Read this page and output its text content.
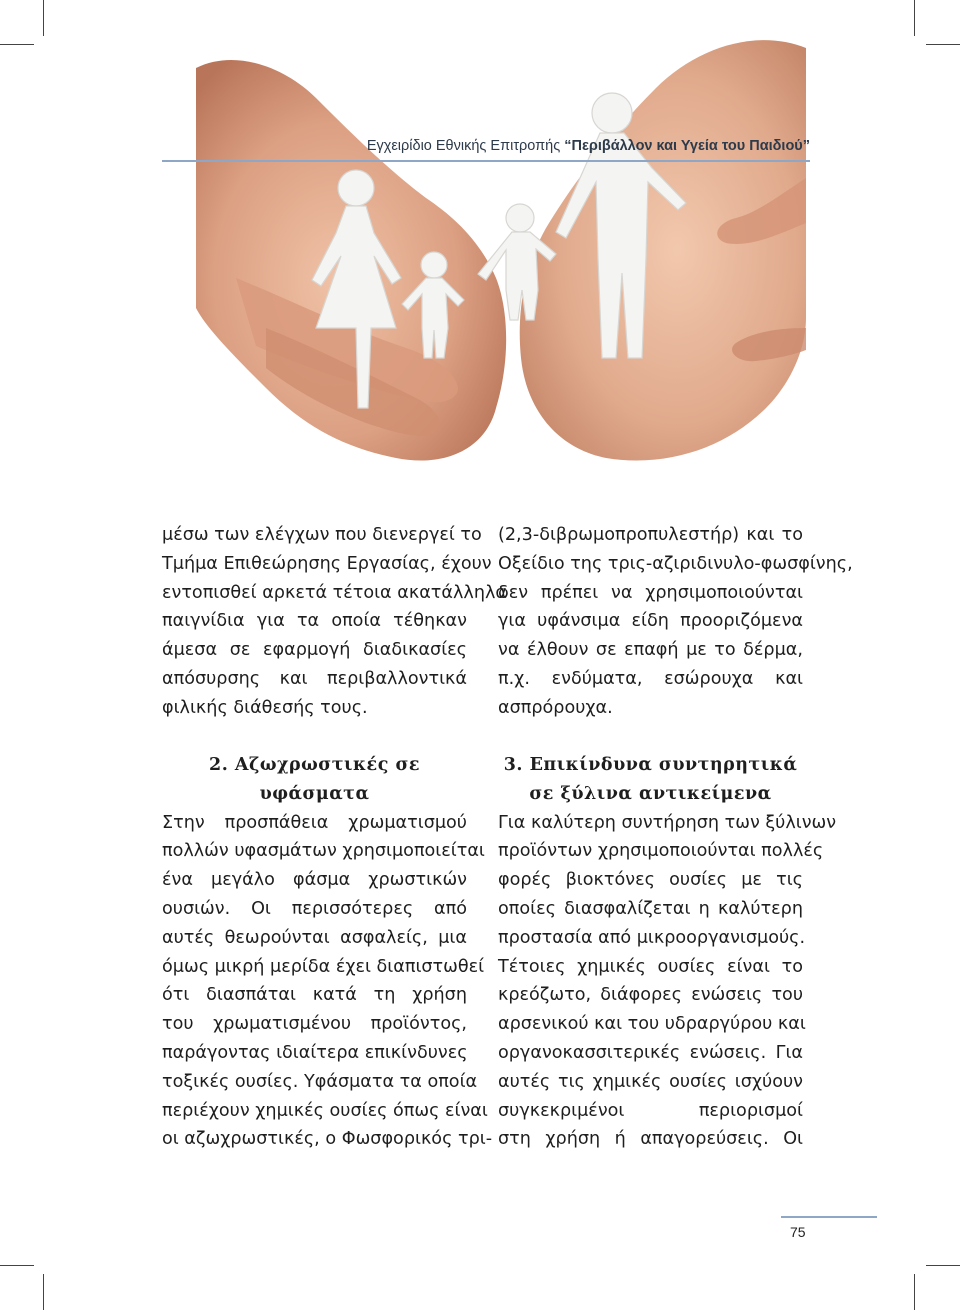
Εγχειρίδιο Εθνικής Επιτροπής “Περιβάλλον και Υγεία του Παιδιού”
μέσω των ελέγχων που διενεργεί το
Τμήμα Επιθεώρησης Εργασίας, έχουν
εντοπισθεί αρκετά τέτοια ακατάλληλα
παιγνίδια για τα οποία τέθηκαν
άμεσα σε εφαρμογή διαδικασίες
απόσυρσης και περιβαλλοντικά
φιλικής διάθεσής τους.
2. Αζωχρωστικές σε
υφάσματα
Στην προσπάθεια χρωματισμού
πολλών υφασμάτων χρησιμοποιείται
ένα μεγάλο φάσμα χρωστικών
ουσιών. Οι περισσότερες από
αυτές θεωρούνται ασφαλείς, μια
όμως μικρή μερίδα έχει διαπιστωθεί
ότι διασπάται κατά τη χρήση
του χρωματισμένου προϊόντος,
παράγοντας ιδιαίτερα επικίνδυνες
τοξικές ουσίες. Υφάσματα τα οποία
περιέχουν χημικές ουσίες όπως είναι
οι αζωχρωστικές, ο Φωσφορικός τρι-
(2,3-διβρωμοπροπυλεστήρ) και το
Οξείδιο της τρις-αζιριδινυλο-φωσφίνης,
δεν πρέπει να χρησιμοποιούνται
για υφάνσιμα είδη προοριζόμενα
να έλθουν σε επαφή με το δέρμα,
π.χ. ενδύματα, εσώρουχα και
ασπρόρουχα.
3. Επικίνδυνα συντηρητικά
σε ξύλινα αντικείμενα
Για καλύτερη συντήρηση των ξύλινων
προϊόντων χρησιμοποιούνται πολλές
φορές βιοκτόνες ουσίες με τις
οποίες διασφαλίζεται η καλύτερη
προστασία από μικροοργανισμούς.
Τέτοιες χημικές ουσίες είναι το
κρεόζωτο, διάφορες ενώσεις του
αρσενικού και του υδραργύρου και
οργανοκασσιτερικές ενώσεις. Για
αυτές τις χημικές ουσίες ισχύουν
συγκεκριμένοι περιορισμοί
στη χρήση ή απαγορεύσεις. Οι
75
